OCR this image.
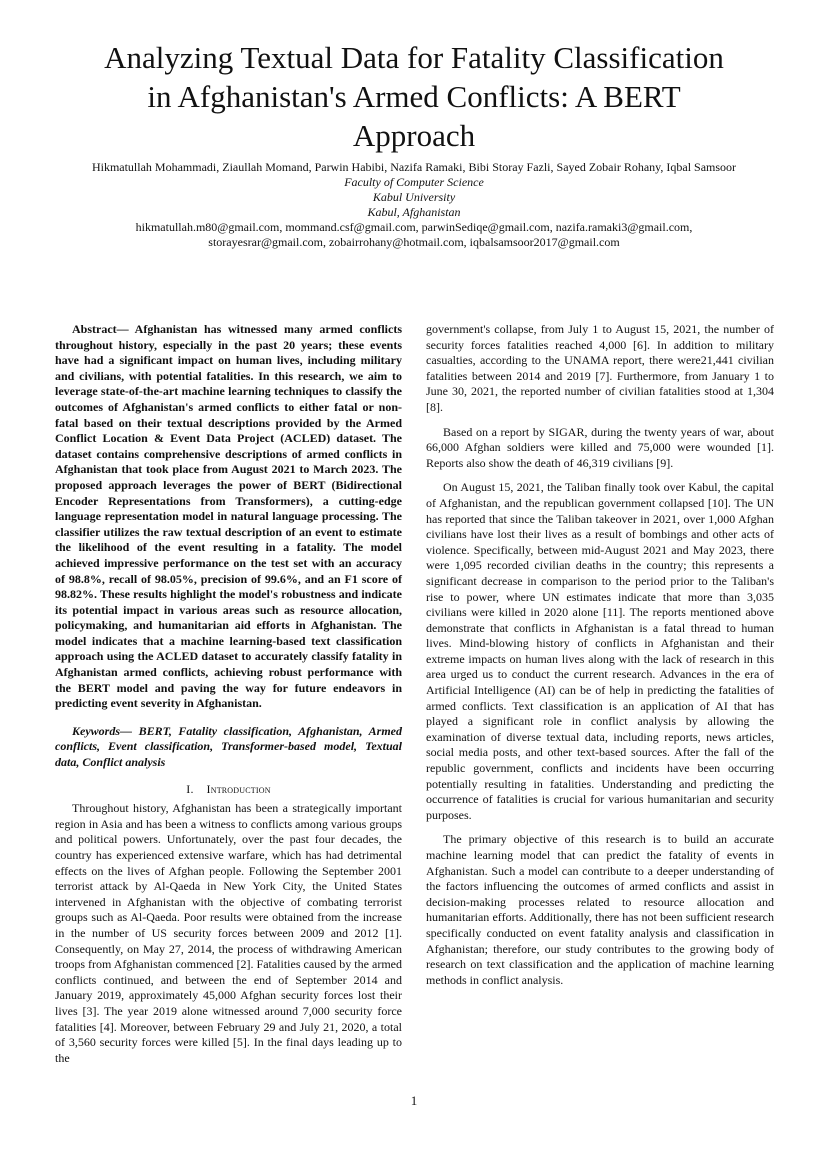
Analyzing Textual Data for Fatality Classification
in Afghanistan's Armed Conflicts: A BERT
Approach
Hikmatullah Mohammadi, Ziaullah Momand, Parwin Habibi, Nazifa Ramaki, Bibi Storay Fazli, Sayed Zobair Rohany, Iqbal Samsoor
Faculty of Computer Science
Kabul University
Kabul, Afghanistan
hikmatullah.m80@gmail.com, mommand.csf@gmail.com, parwinSediqe@gmail.com, nazifa.ramaki3@gmail.com,
storayesrar@gmail.com, zobairrohany@hotmail.com, iqbalsamsoor2017@gmail.com

Abstract— Afghanistan has witnessed many armed conflicts throughout history, especially in the past 20 years; these events have had a significant impact on human lives, including military and civilians, with potential fatalities. In this research, we aim to leverage state-of-the-art machine learning techniques to classify the outcomes of Afghanistan's armed conflicts to either fatal or non-fatal based on their textual descriptions provided by the Armed Conflict Location & Event Data Project (ACLED) dataset. The dataset contains comprehensive descriptions of armed conflicts in Afghanistan that took place from August 2021 to March 2023. The proposed approach leverages the power of BERT (Bidirectional Encoder Representations from Transformers), a cutting-edge language representation model in natural language processing. The classifier utilizes the raw textual description of an event to estimate the likelihood of the event resulting in a fatality. The model achieved impressive performance on the test set with an accuracy of 98.8%, recall of 98.05%, precision of 99.6%, and an F1 score of 98.82%. These results highlight the model's robustness and indicate its potential impact in various areas such as resource allocation, policymaking, and humanitarian aid efforts in Afghanistan. The model indicates that a machine learning-based text classification approach using the ACLED dataset to accurately classify fatality in Afghanistan armed conflicts, achieving robust performance with the BERT model and paving the way for future endeavors in predicting event severity in Afghanistan.

Keywords— BERT, Fatality classification, Afghanistan, Armed conflicts, Event classification, Transformer-based model, Textual data, Conflict analysis

I. Introduction

Throughout history, Afghanistan has been a strategically important region in Asia and has been a witness to conflicts among various groups and political powers. Unfortunately, over the past four decades, the country has experienced extensive warfare, which has had detrimental effects on the lives of Afghan people. Following the September 2001 terrorist attack by Al-Qaeda in New York City, the United States intervened in Afghanistan with the objective of combating terrorist groups such as Al-Qaeda. Poor results were obtained from the increase in the number of US security forces between 2009 and 2012 [1]. Consequently, on May 27, 2014, the process of withdrawing American troops from Afghanistan commenced [2]. Fatalities caused by the armed conflicts continued, and between the end of September 2014 and January 2019, approximately 45,000 Afghan security forces lost their lives [3]. The year 2019 alone witnessed around 7,000 security force fatalities [4]. Moreover, between February 29 and July 21, 2020, a total of 3,560 security forces were killed [5]. In the final days leading up to the

government's collapse, from July 1 to August 15, 2021, the number of security forces fatalities reached 4,000 [6]. In addition to military casualties, according to the UNAMA report, there were21,441 civilian fatalities between 2014 and 2019 [7]. Furthermore, from January 1 to June 30, 2021, the reported number of civilian fatalities stood at 1,304 [8].

Based on a report by SIGAR, during the twenty years of war, about 66,000 Afghan soldiers were killed and 75,000 were wounded [1]. Reports also show the death of 46,319 civilians [9].

On August 15, 2021, the Taliban finally took over Kabul, the capital of Afghanistan, and the republican government collapsed [10]. The UN has reported that since the Taliban takeover in 2021, over 1,000 Afghan civilians have lost their lives as a result of bombings and other acts of violence. Specifically, between mid-August 2021 and May 2023, there were 1,095 recorded civilian deaths in the country; this represents a significant decrease in comparison to the period prior to the Taliban's rise to power, where UN estimates indicate that more than 3,035 civilians were killed in 2020 alone [11]. The reports mentioned above demonstrate that conflicts in Afghanistan is a fatal thread to human lives. Mind-blowing history of conflicts in Afghanistan and their extreme impacts on human lives along with the lack of research in this area urged us to conduct the current research. Advances in the era of Artificial Intelligence (AI) can be of help in predicting the fatalities of armed conflicts. Text classification is an application of AI that has played a significant role in conflict analysis by allowing the examination of diverse textual data, including reports, news articles, social media posts, and other text-based sources. After the fall of the republic government, conflicts and incidents have been occurring potentially resulting in fatalities. Understanding and predicting the occurrence of fatalities is crucial for various humanitarian and security purposes.

The primary objective of this research is to build an accurate machine learning model that can predict the fatality of events in Afghanistan. Such a model can contribute to a deeper understanding of the factors influencing the outcomes of armed conflicts and assist in decision-making processes related to resource allocation and humanitarian efforts. Additionally, there has not been sufficient research specifically conducted on event fatality analysis and classification in Afghanistan; therefore, our study contributes to the growing body of research on text classification and the application of machine learning methods in conflict analysis.

1
